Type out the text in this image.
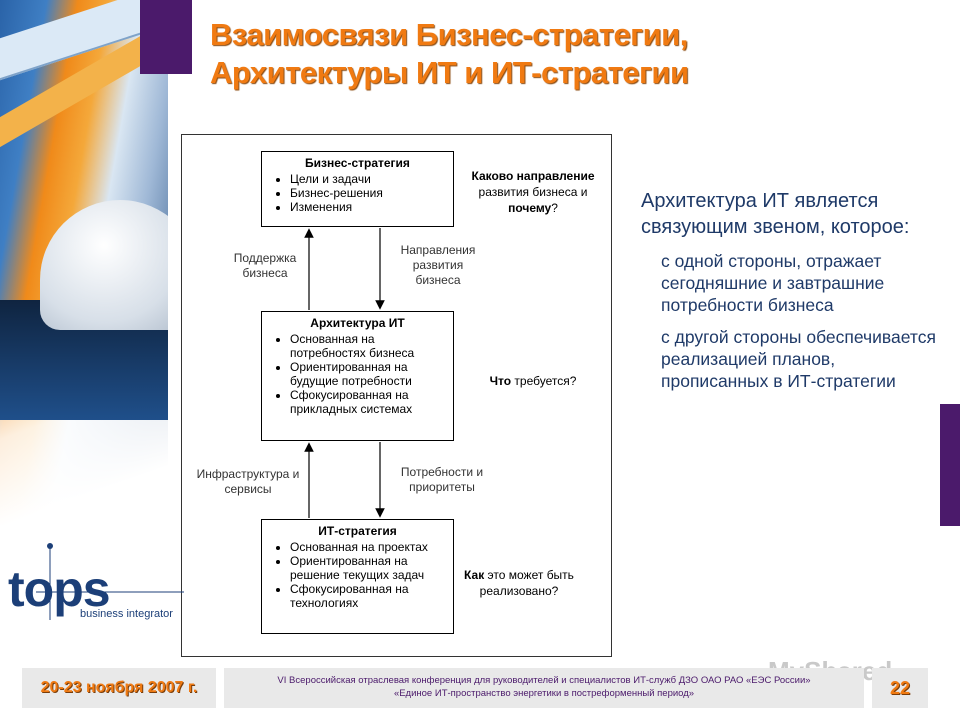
Взаимосвязи Бизнес-стратегии,
Архитектуры ИТ и ИТ-стратегии
Бизнес-стратегия
• Цели и задачи
• Бизнес-решения
• Изменения
Архитектура ИТ
• Основанная на потребностях бизнеса
• Ориентированная на будущие потребности
• Сфокусированная на прикладных системах
ИТ-стратегия
• Основанная на проектах
• Ориентированная на решение текущих задач
• Сфокусированная на технологиях
Каково направление
развития бизнеса и
почему?
Что требуется?
Как это может быть реализовано?
Поддержка бизнеса
Направления развития бизнеса
Инфраструктура и сервисы
Потребности и приоритеты
Архитектура ИТ является связующим звеном, которое:
с одной стороны, отражает сегодняшние и завтрашние потребности бизнеса
с другой стороны обеспечивается реализацией планов, прописанных в ИТ-стратегии
tops
business integrator
20-23 ноября 2007 г.	VI Всероссийская отраслевая конференция для руководителей и специалистов ИТ-служб ДЗО ОАО РАО «ЕЭС России»
«Единое ИТ-пространство энергетики в постреформенный период»	22
